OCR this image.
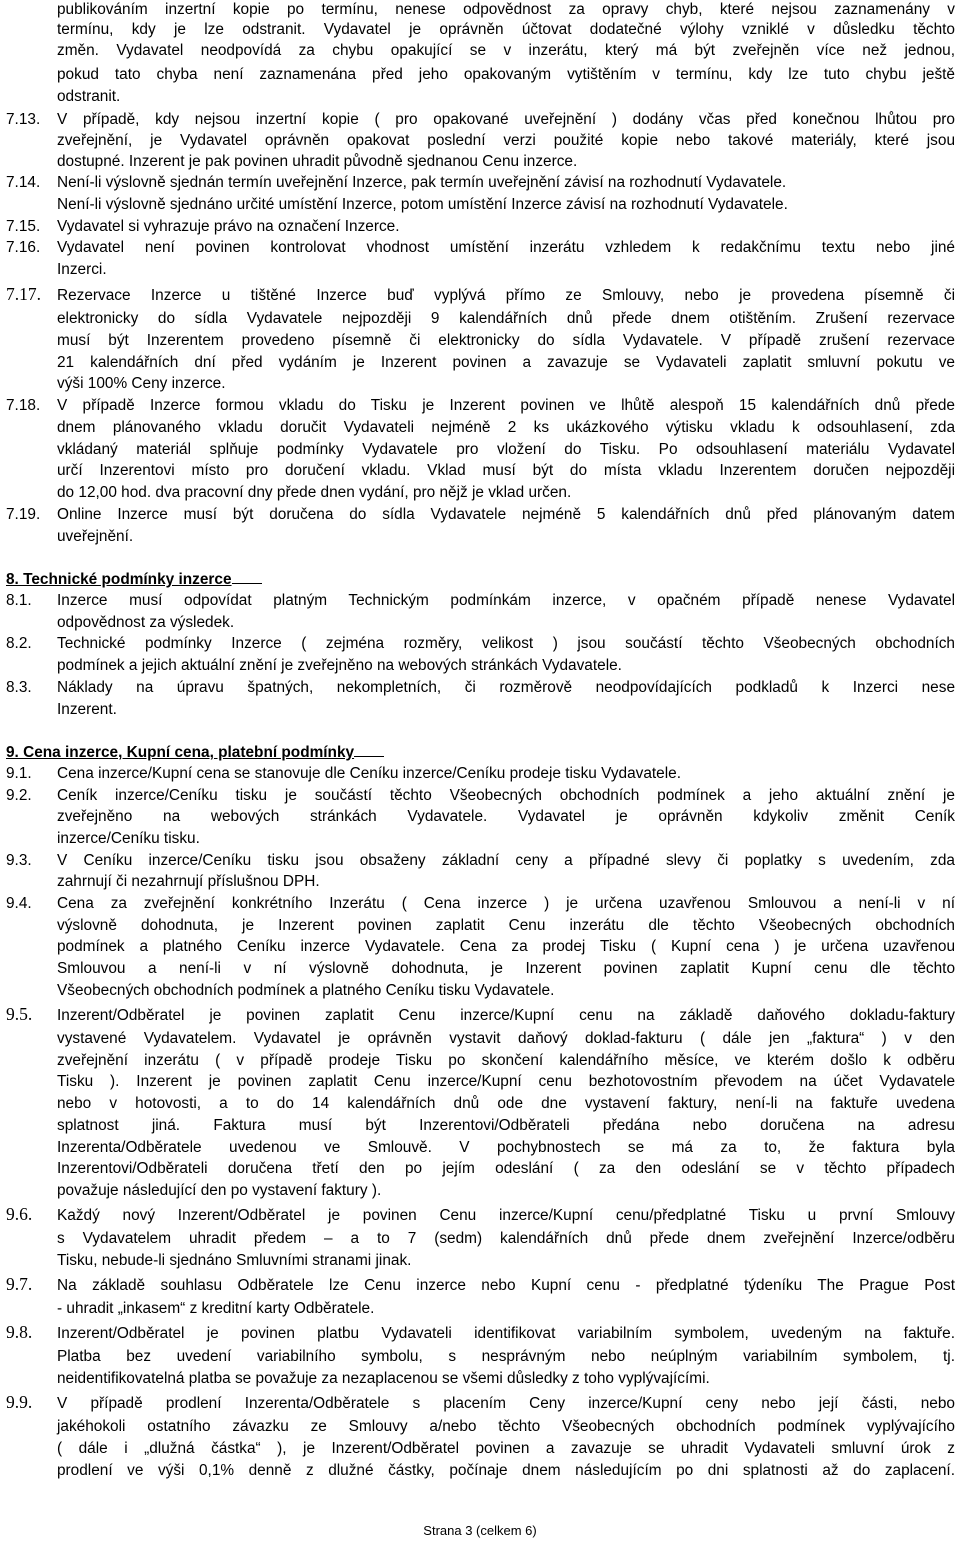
publikováním inzertní kopie po termínu, nenese odpovědnost za opravy chyb, které nejsou zaznamenány v
termínu, kdy je lze odstranit. Vydavatel je oprávněn účtovat dodatečné výlohy vzniklé v důsledku těchto
změn. Vydavatel neodpovídá za chybu opakující se v inzerátu, který má být zveřejněn více než jednou,
pokud tato chyba není zaznamenána před jeho opakovaným vytištěním v termínu, kdy lze tuto chybu ještě
odstranit.
7.13. V případě, kdy nejsou inzertní kopie ( pro opakované uveřejnění ) dodány včas před konečnou lhůtou pro
zveřejnění, je Vydavatel oprávněn opakovat poslední verzi použité kopie nebo takové materiály, které jsou
dostupné. Inzerent je pak povinen uhradit původně sjednanou Cenu inzerce.
7.14. Není-li výslovně sjednán termín uveřejnění Inzerce, pak termín uveřejnění závisí na rozhodnutí Vydavatele.
Není-li výslovně sjednáno určité umístění Inzerce, potom umístění Inzerce závisí na rozhodnutí Vydavatele.
7.15. Vydavatel si vyhrazuje právo na označení Inzerce.
7.16. Vydavatel není povinen kontrolovat vhodnost umístění inzerátu vzhledem k redakčnímu textu nebo jiné
Inzerci.
7.17. Rezervace Inzerce u tištěné Inzerce buď vyplývá přímo ze Smlouvy, nebo je provedena písemně či
elektronicky do sídla Vydavatele nejpozději 9 kalendářních dnů přede dnem otištěním. Zrušení rezervace
musí být Inzerentem provedeno písemně či elektronicky do sídla Vydavatele. V případě zrušení rezervace
21 kalendářních dní před vydáním je Inzerent povinen a zavazuje se Vydavateli zaplatit smluvní pokutu ve
výši 100% Ceny inzerce.
7.18. V případě Inzerce formou vkladu do Tisku je Inzerent povinen ve lhůtě alespoň 15 kalendářních dnů přede
dnem plánovaného vkladu doručit Vydavateli nejméně 2 ks ukázkového výtisku vkladu k odsouhlasení, zda
vkládaný materiál splňuje podmínky Vydavatele pro vložení do Tisku. Po odsouhlasení materiálu Vydavatel
určí Inzerentovi místo pro doručení vkladu. Vklad musí být do místa vkladu Inzerentem doručen nejpozději
do 12,00 hod. dva pracovní dny přede dnen vydání, pro nějž je vklad určen.
7.19. Online Inzerce musí být doručena do sídla Vydavatele nejméně 5 kalendářních dnů před plánovaným datem
uveřejnění.
8.1. Inzerce musí odpovídat platným Technickým podmínkám inzerce, v opačném případě nenese Vydavatel
odpovědnost za výsledek.
8.2. Technické podmínky Inzerce ( zejména rozměry, velikost ) jsou součástí těchto Všeobecných obchodních
podmínek a jejich aktuální znění je zveřejněno na webových stránkách Vydavatele.
8.3. Náklady na úpravu špatných, nekompletních, či rozměrově neodpovídajících podkladů k Inzerci nese
Inzerent.
9.1. Cena inzerce/Kupní cena se stanovuje dle Ceníku inzerce/Ceníku prodeje tisku Vydavatele.
9.2. Ceník inzerce/Ceníku tisku je součástí těchto Všeobecných obchodních podmínek a jeho aktuální znění je
zveřejněno na webových stránkách Vydavatele. Vydavatel je oprávněn kdykoliv změnit Ceník
inzerce/Ceníku tisku.
9.3. V Ceníku inzerce/Ceníku tisku jsou obsaženy základní ceny a případné slevy či poplatky s uvedením, zda
zahrnují či nezahrnují příslušnou DPH.
9.4. Cena za zveřejnění konkrétního Inzerátu ( Cena inzerce ) je určena uzavřenou Smlouvou a není-li v ní
výslovně dohodnuta, je Inzerent povinen zaplatit Cenu inzerátu dle těchto Všeobecných obchodních
podmínek a platného Ceníku inzerce Vydavatele. Cena za prodej Tisku ( Kupní cena ) je určena uzavřenou
Smlouvou a není-li v ní výslovně dohodnuta, je Inzerent povinen zaplatit Kupní cenu dle těchto
Všeobecných obchodních podmínek a platného Ceníku tisku Vydavatele.
9.5. Inzerent/Odběratel je povinen zaplatit Cenu inzerce/Kupní cenu na základě daňového dokladu-faktury
vystavené Vydavatelem. Vydavatel je oprávněn vystavit daňový doklad-fakturu ( dále jen „faktura“ ) v den
zveřejnění inzerátu ( v případě prodeje Tisku po skončení kalendářního měsíce, ve kterém došlo k odběru
Tisku ). Inzerent je povinen zaplatit Cenu inzerce/Kupní cenu bezhotovostním převodem na účet Vydavatele
nebo v hotovosti, a to do 14 kalendářních dnů ode dne vystavení faktury, není-li na faktuře uvedena
splatnost jiná. Faktura musí být Inzerentovi/Odběrateli předána nebo doručena na adresu
Inzerenta/Odběratele uvedenou ve Smlouvě. V pochybnostech se má za to, že faktura byla
Inzerentovi/Odběrateli doručena třetí den po jejím odeslání ( za den odeslání se v těchto případech
považuje následující den po vystavení faktury ).
9.6. Každý nový Inzerent/Odběratel je povinen Cenu inzerce/Kupní cenu/předplatné Tisku u první Smlouvy
s Vydavatelem uhradit předem – a to 7 (sedm) kalendářních dnů přede dnem zveřejnění Inzerce/odběru
Tisku, nebude-li sjednáno Smluvními stranami jinak.
9.7. Na základě souhlasu Odběratele lze Cenu inzerce nebo Kupní cenu - předplatné týdeníku The Prague Post
- uhradit „inkasem“ z kreditní karty Odběratele.
9.8. Inzerent/Odběratel je povinen platbu Vydavateli identifikovat variabilním symbolem, uvedeným na faktuře.
Platba bez uvedení variabilního symbolu, s nesprávným nebo neúplným variabilním symbolem, tj.
neidentifikovatelná platba se považuje za nezaplacenou se všemi důsledky z toho vyplývajícími.
9.9. V případě prodlení Inzerenta/Odběratele s placením Ceny inzerce/Kupní ceny nebo její části, nebo
jakéhokoli ostatního závazku ze Smlouvy a/nebo těchto Všeobecných obchodních podmínek vyplývajícího
( dále i „dlužná částka“ ), je Inzerent/Odběratel povinen a zavazuje se uhradit Vydavateli smluvní úrok z
prodlení ve výši 0,1% denně z dlužné částky, počínaje dnem následujícím po dni splatnosti až do zaplacení.
8. Technické podmínky inzerce
9. Cena inzerce, Kupní cena, platební podmínky
Strana 3 (celkem 6)
